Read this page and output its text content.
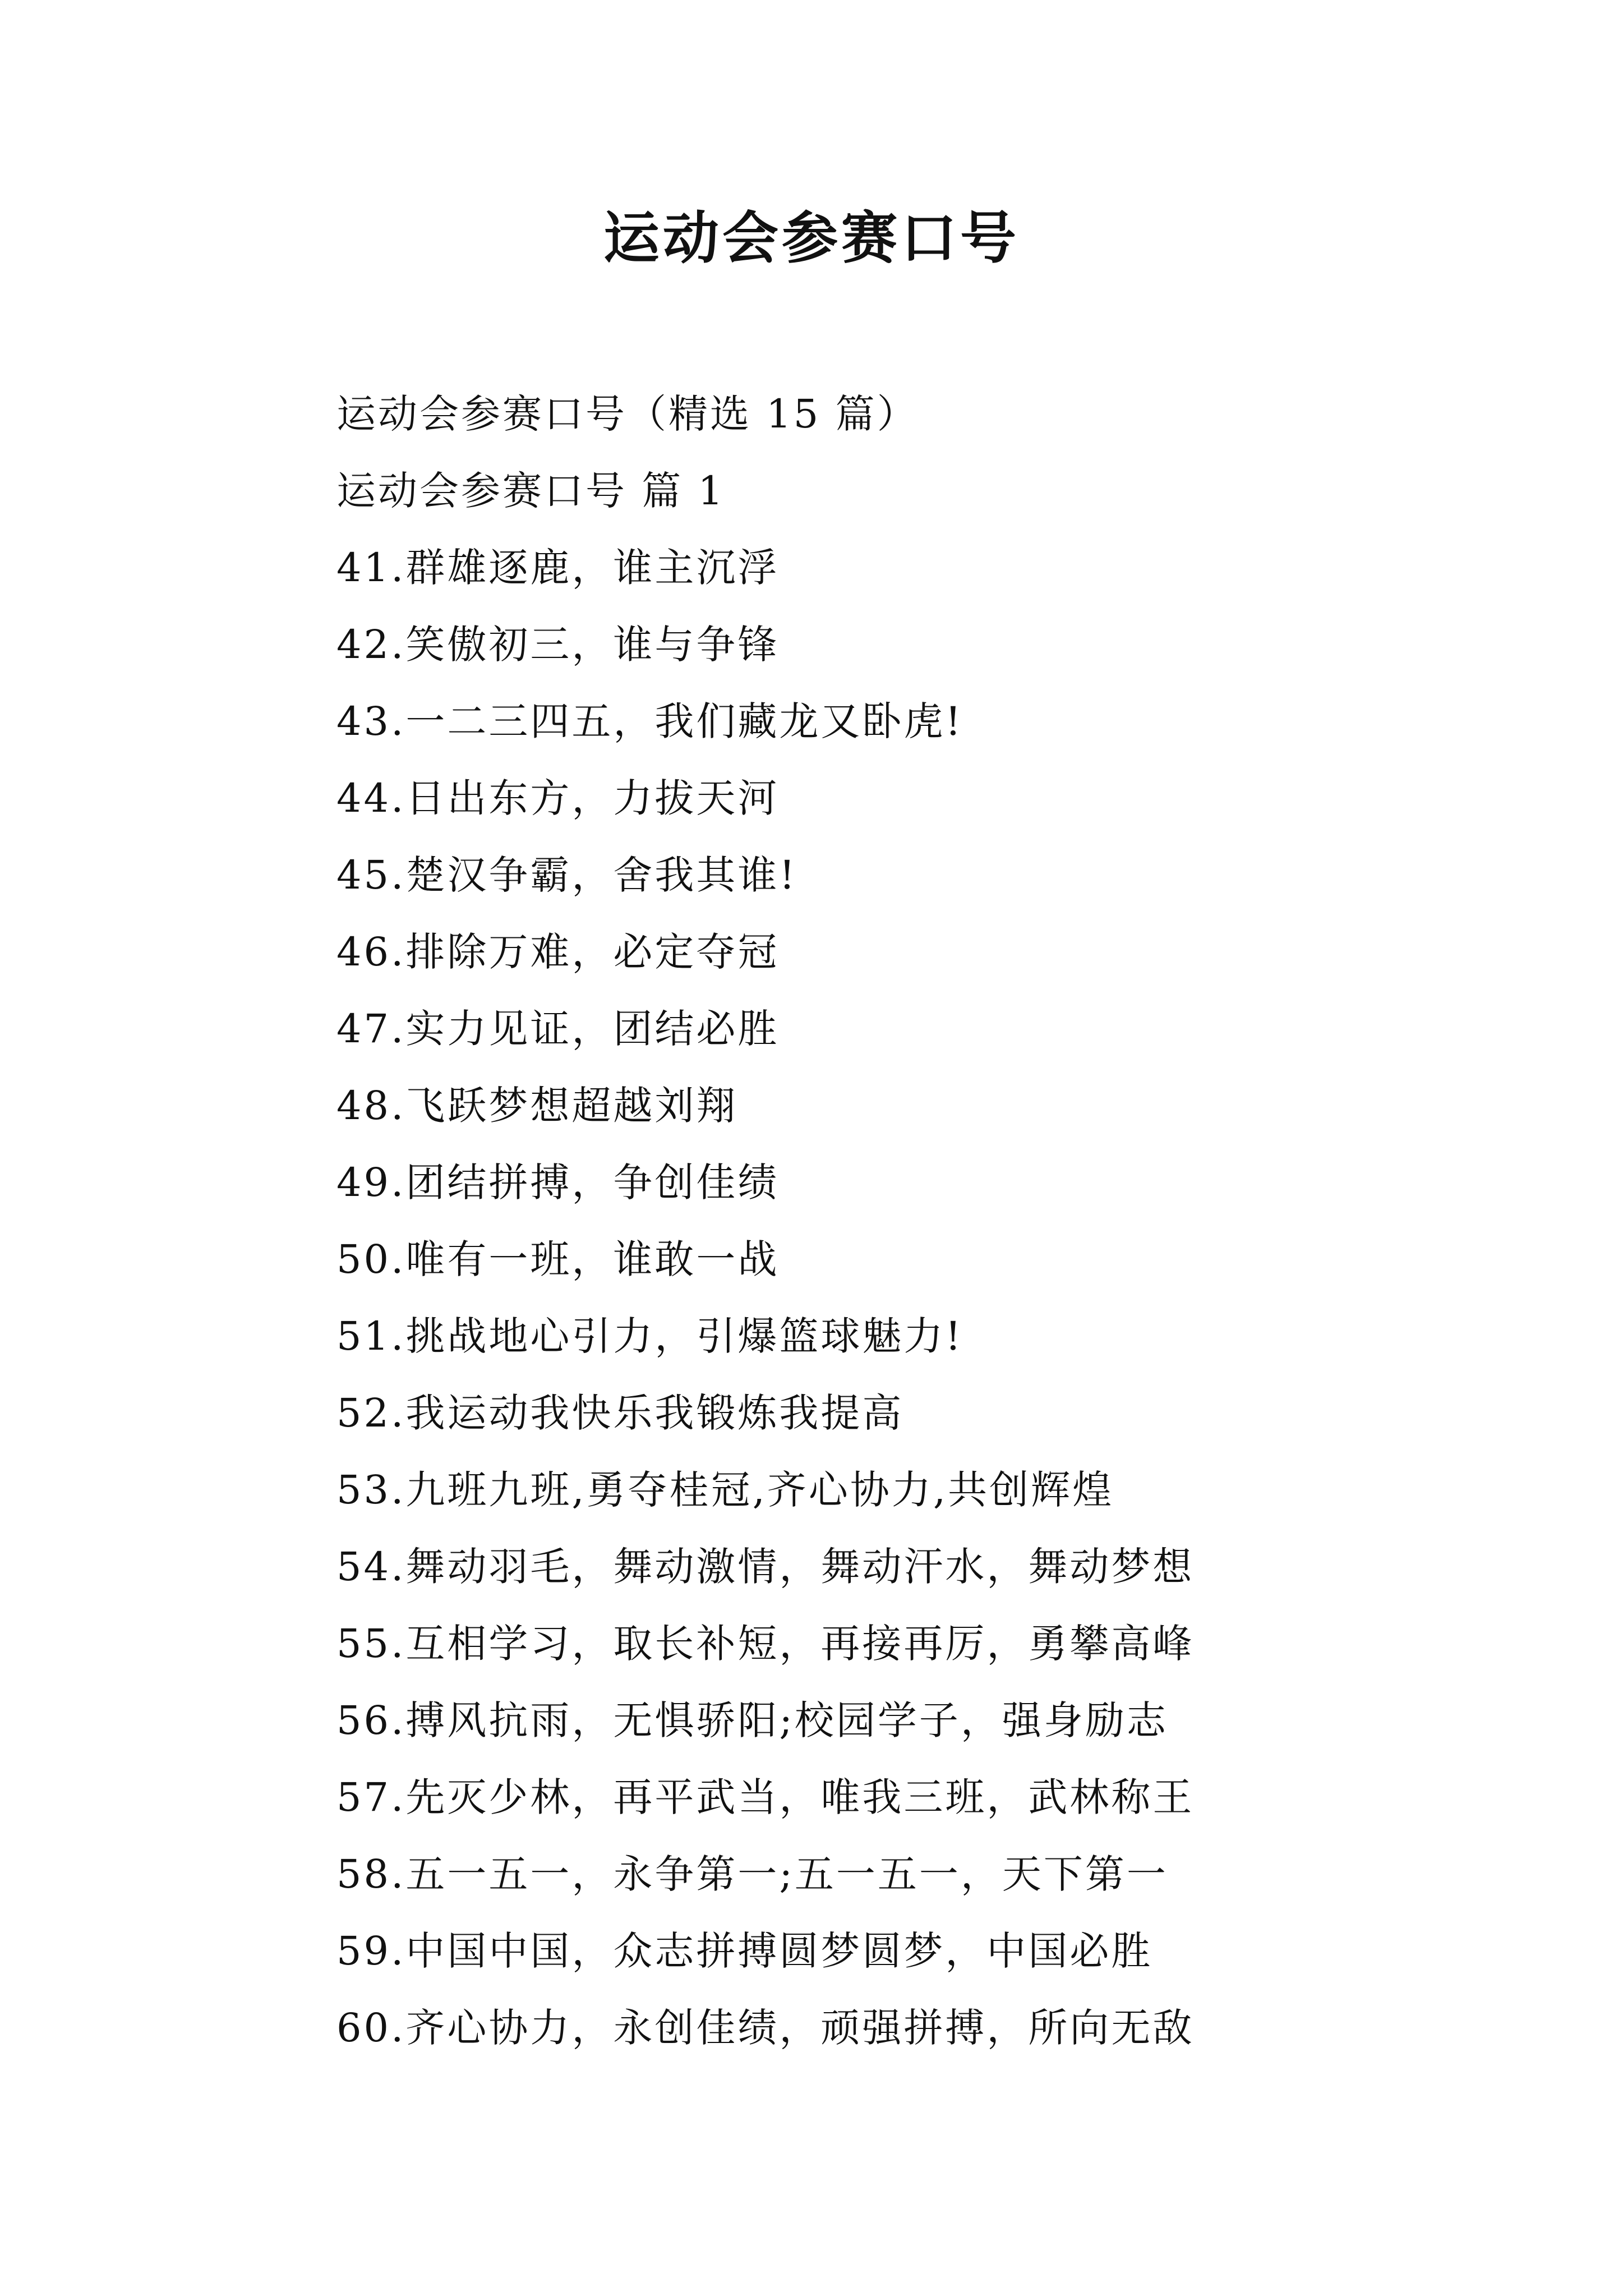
运动会参赛口号
运动会参赛口号（精选 15 篇）
运动会参赛口号 篇 1
41.群雄逐鹿，谁主沉浮
42.笑傲初三，谁与争锋
43.一二三四五，我们藏龙又卧虎!
44.日出东方，力拔天河
45.楚汉争霸，舍我其谁!
46.排除万难，必定夺冠
47.实力见证，团结必胜
48.飞跃梦想超越刘翔
49.团结拼搏，争创佳绩
50.唯有一班，谁敢一战
51.挑战地心引力，引爆篮球魅力!
52.我运动我快乐我锻炼我提高
53.九班九班,勇夺桂冠,齐心协力,共创辉煌
54.舞动羽毛，舞动激情，舞动汗水，舞动梦想
55.互相学习，取长补短，再接再厉，勇攀高峰
56.搏风抗雨，无惧骄阳;校园学子，强身励志
57.先灭少林，再平武当，唯我三班，武林称王
58.五一五一，永争第一;五一五一，天下第一
59.中国中国，众志拼搏圆梦圆梦，中国必胜
60.齐心协力，永创佳绩，顽强拼搏，所向无敌
